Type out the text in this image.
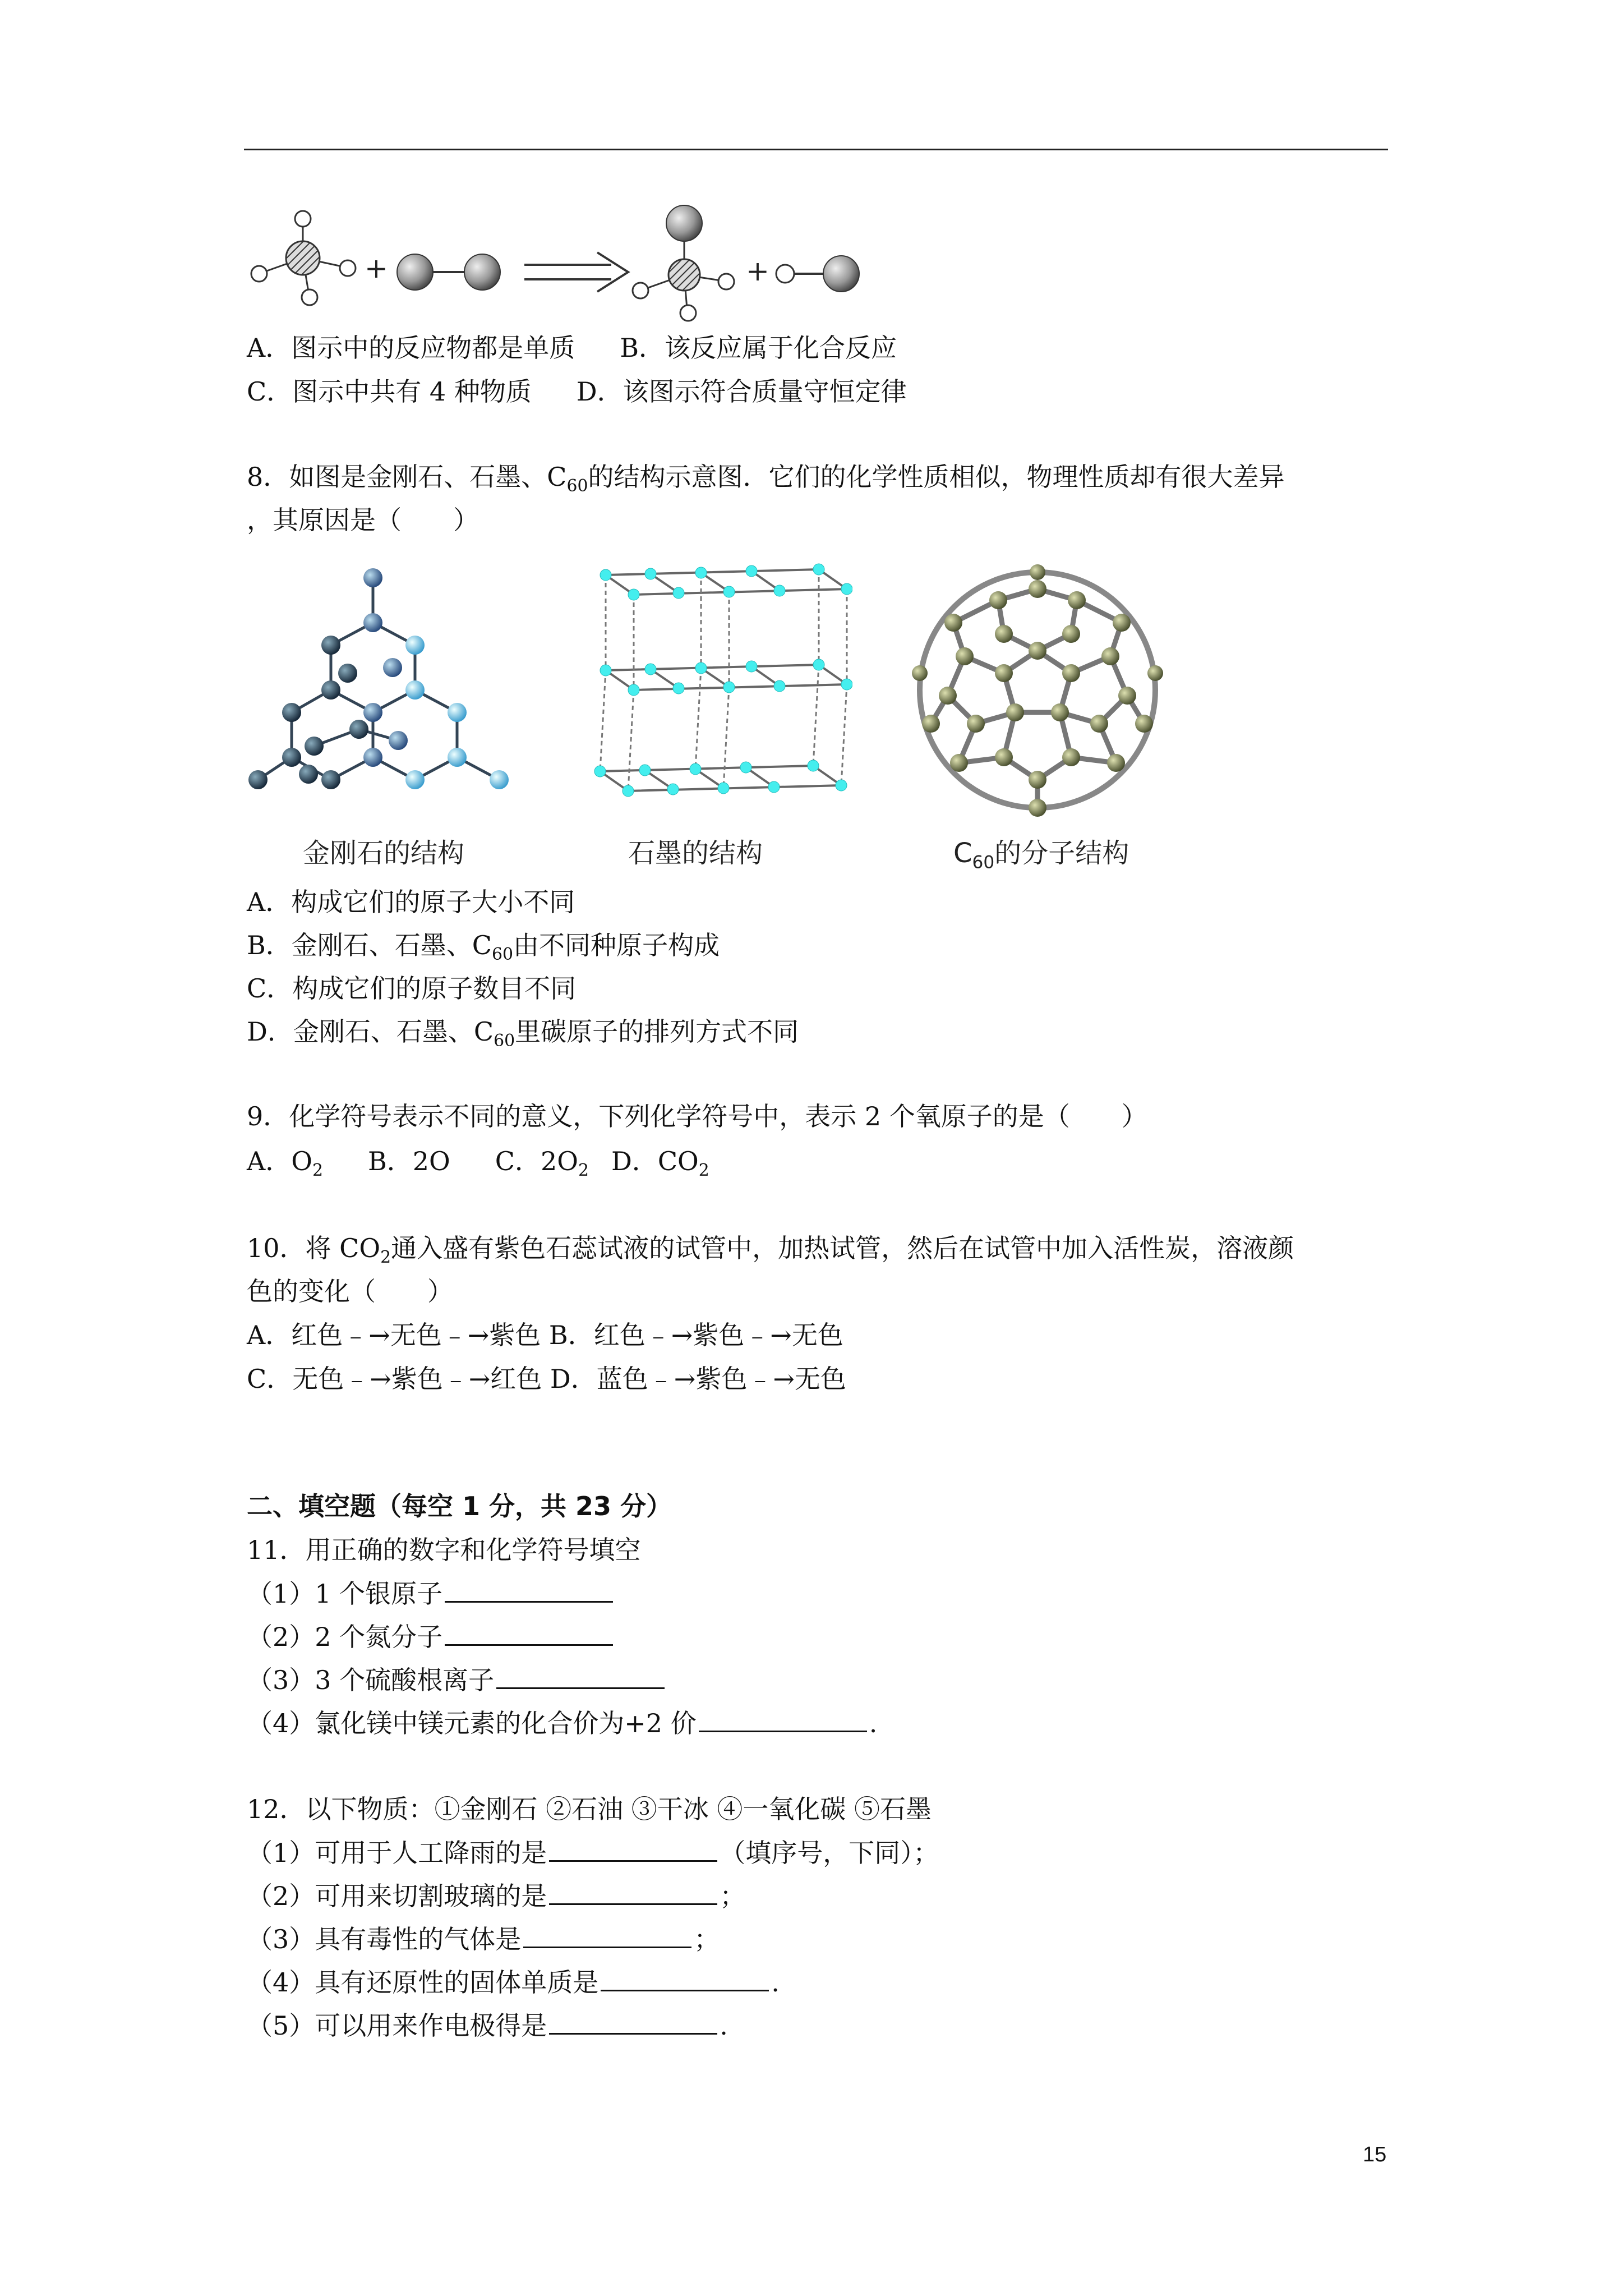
+	+
A．图示中的反应物都是单质 B．该反应属于化合反应
C．图示中共有 4 种物质 D．该图示符合质量守恒定律
8．如图是金刚石、石墨、$C_{60}$的结构示意图．它们的化学性质相似，物理性质却有很大差异
，其原因是（　　）
金刚石的结构	石墨的结构	$C_{60}$的分子结构
A．构成它们的原子大小不同
B．金刚石、石墨、$C_{60}$由不同种原子构成
C．构成它们的原子数目不同
D．金刚石、石墨、$C_{60}$里碳原子的排列方式不同
9．化学符号表示不同的意义，下列化学符号中，表示 2 个氧原子的是（　　）
A．$O_2$ B．2O C．$2O_2$ D．$CO_2$
10．将 $CO_2$通入盛有紫色石蕊试液的试管中，加热试管，然后在试管中加入活性炭，溶液颜
色的变化（　　）
A．红色﹣→无色﹣→紫色 B．红色﹣→紫色﹣→无色
C．无色﹣→紫色﹣→红色 D．蓝色﹣→紫色﹣→无色
二、填空题（每空 1 分，共 23 分）
11．用正确的数字和化学符号填空
（1）1 个银原子
（2）2 个氮分子
（3）3 个硫酸根离子
（4）氯化镁中镁元素的化合价为+2 价	.
12．以下物质：①金刚石 ②石油 ③干冰 ④一氧化碳 ⑤石墨
（1）可用于人工降雨的是	（填序号，下同）；
（2）可用来切割玻璃的是	；
（3）具有毒性的气体是	；
（4）具有还原性的固体单质是	.
（5）可以用来作电极得是	.
15
